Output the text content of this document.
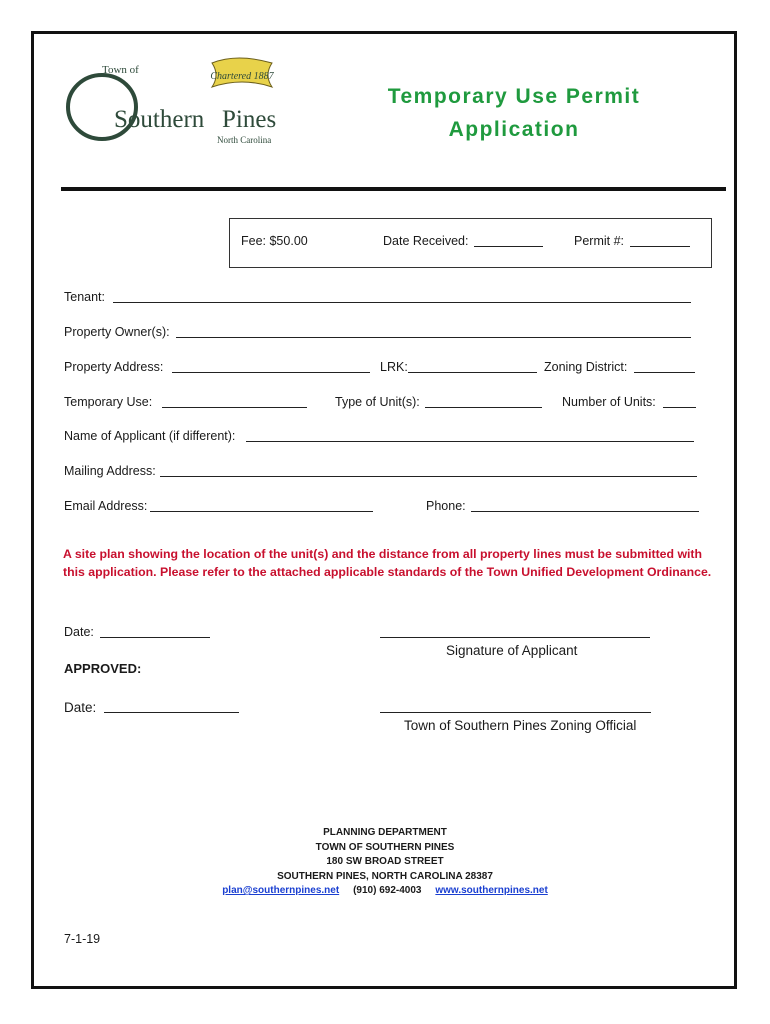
Chartered 1887
Town of
Southern Pines
North Carolina
Temporary Use Permit
Application
Fee: $50.00	Date Received:	Permit #:
Tenant:
Property Owner(s):
Property Address:	LRK:	Zoning District:
Temporary Use:	Type of Unit(s):	Number of Units:
Name of Applicant (if different):
Mailing Address:
Email Address:	Phone:
A site plan showing the location of the unit(s) and the distance from all property lines must be submitted with this application. Please refer to the attached applicable standards of the Town Unified Development Ordinance.
Date:
Signature of Applicant
APPROVED:
Date:
Town of Southern Pines Zoning Official
PLANNING DEPARTMENT
TOWN OF SOUTHERN PINES
180 SW BROAD STREET
SOUTHERN PINES, NORTH CAROLINA 28387
plan@southernpines.net (910) 692-4003 www.southernpines.net
7-1-19
